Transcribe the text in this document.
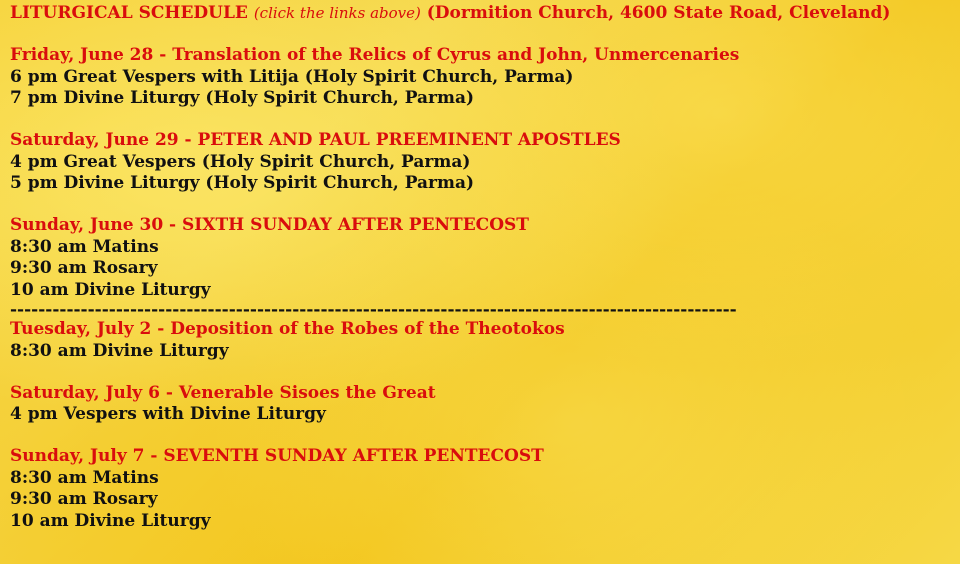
LITURGICAL SCHEDULE (click the links above) (Dormition Church, 4600 State Road, Cleveland)
Friday, June 28 - Translation of the Relics of Cyrus and John, Unmercenaries
6 pm Great Vespers with Litija (Holy Spirit Church, Parma)
7 pm Divine Liturgy (Holy Spirit Church, Parma)
Saturday, June 29 - PETER AND PAUL PREEMINENT APOSTLES
4 pm Great Vespers (Holy Spirit Church, Parma)
5 pm Divine Liturgy (Holy Spirit Church, Parma)
Sunday, June 30 - SIXTH SUNDAY AFTER PENTECOST
8:30 am Matins
9:30 am Rosary
10 am Divine Liturgy
-------------------------------------------------------------------------------------------------------
Tuesday, July 2 - Deposition of the Robes of the Theotokos
8:30 am Divine Liturgy
Saturday, July 6 - Venerable Sisoes the Great
4 pm Vespers with Divine Liturgy
Sunday, July 7 - SEVENTH SUNDAY AFTER PENTECOST
8:30 am Matins
9:30 am Rosary
10 am Divine Liturgy
